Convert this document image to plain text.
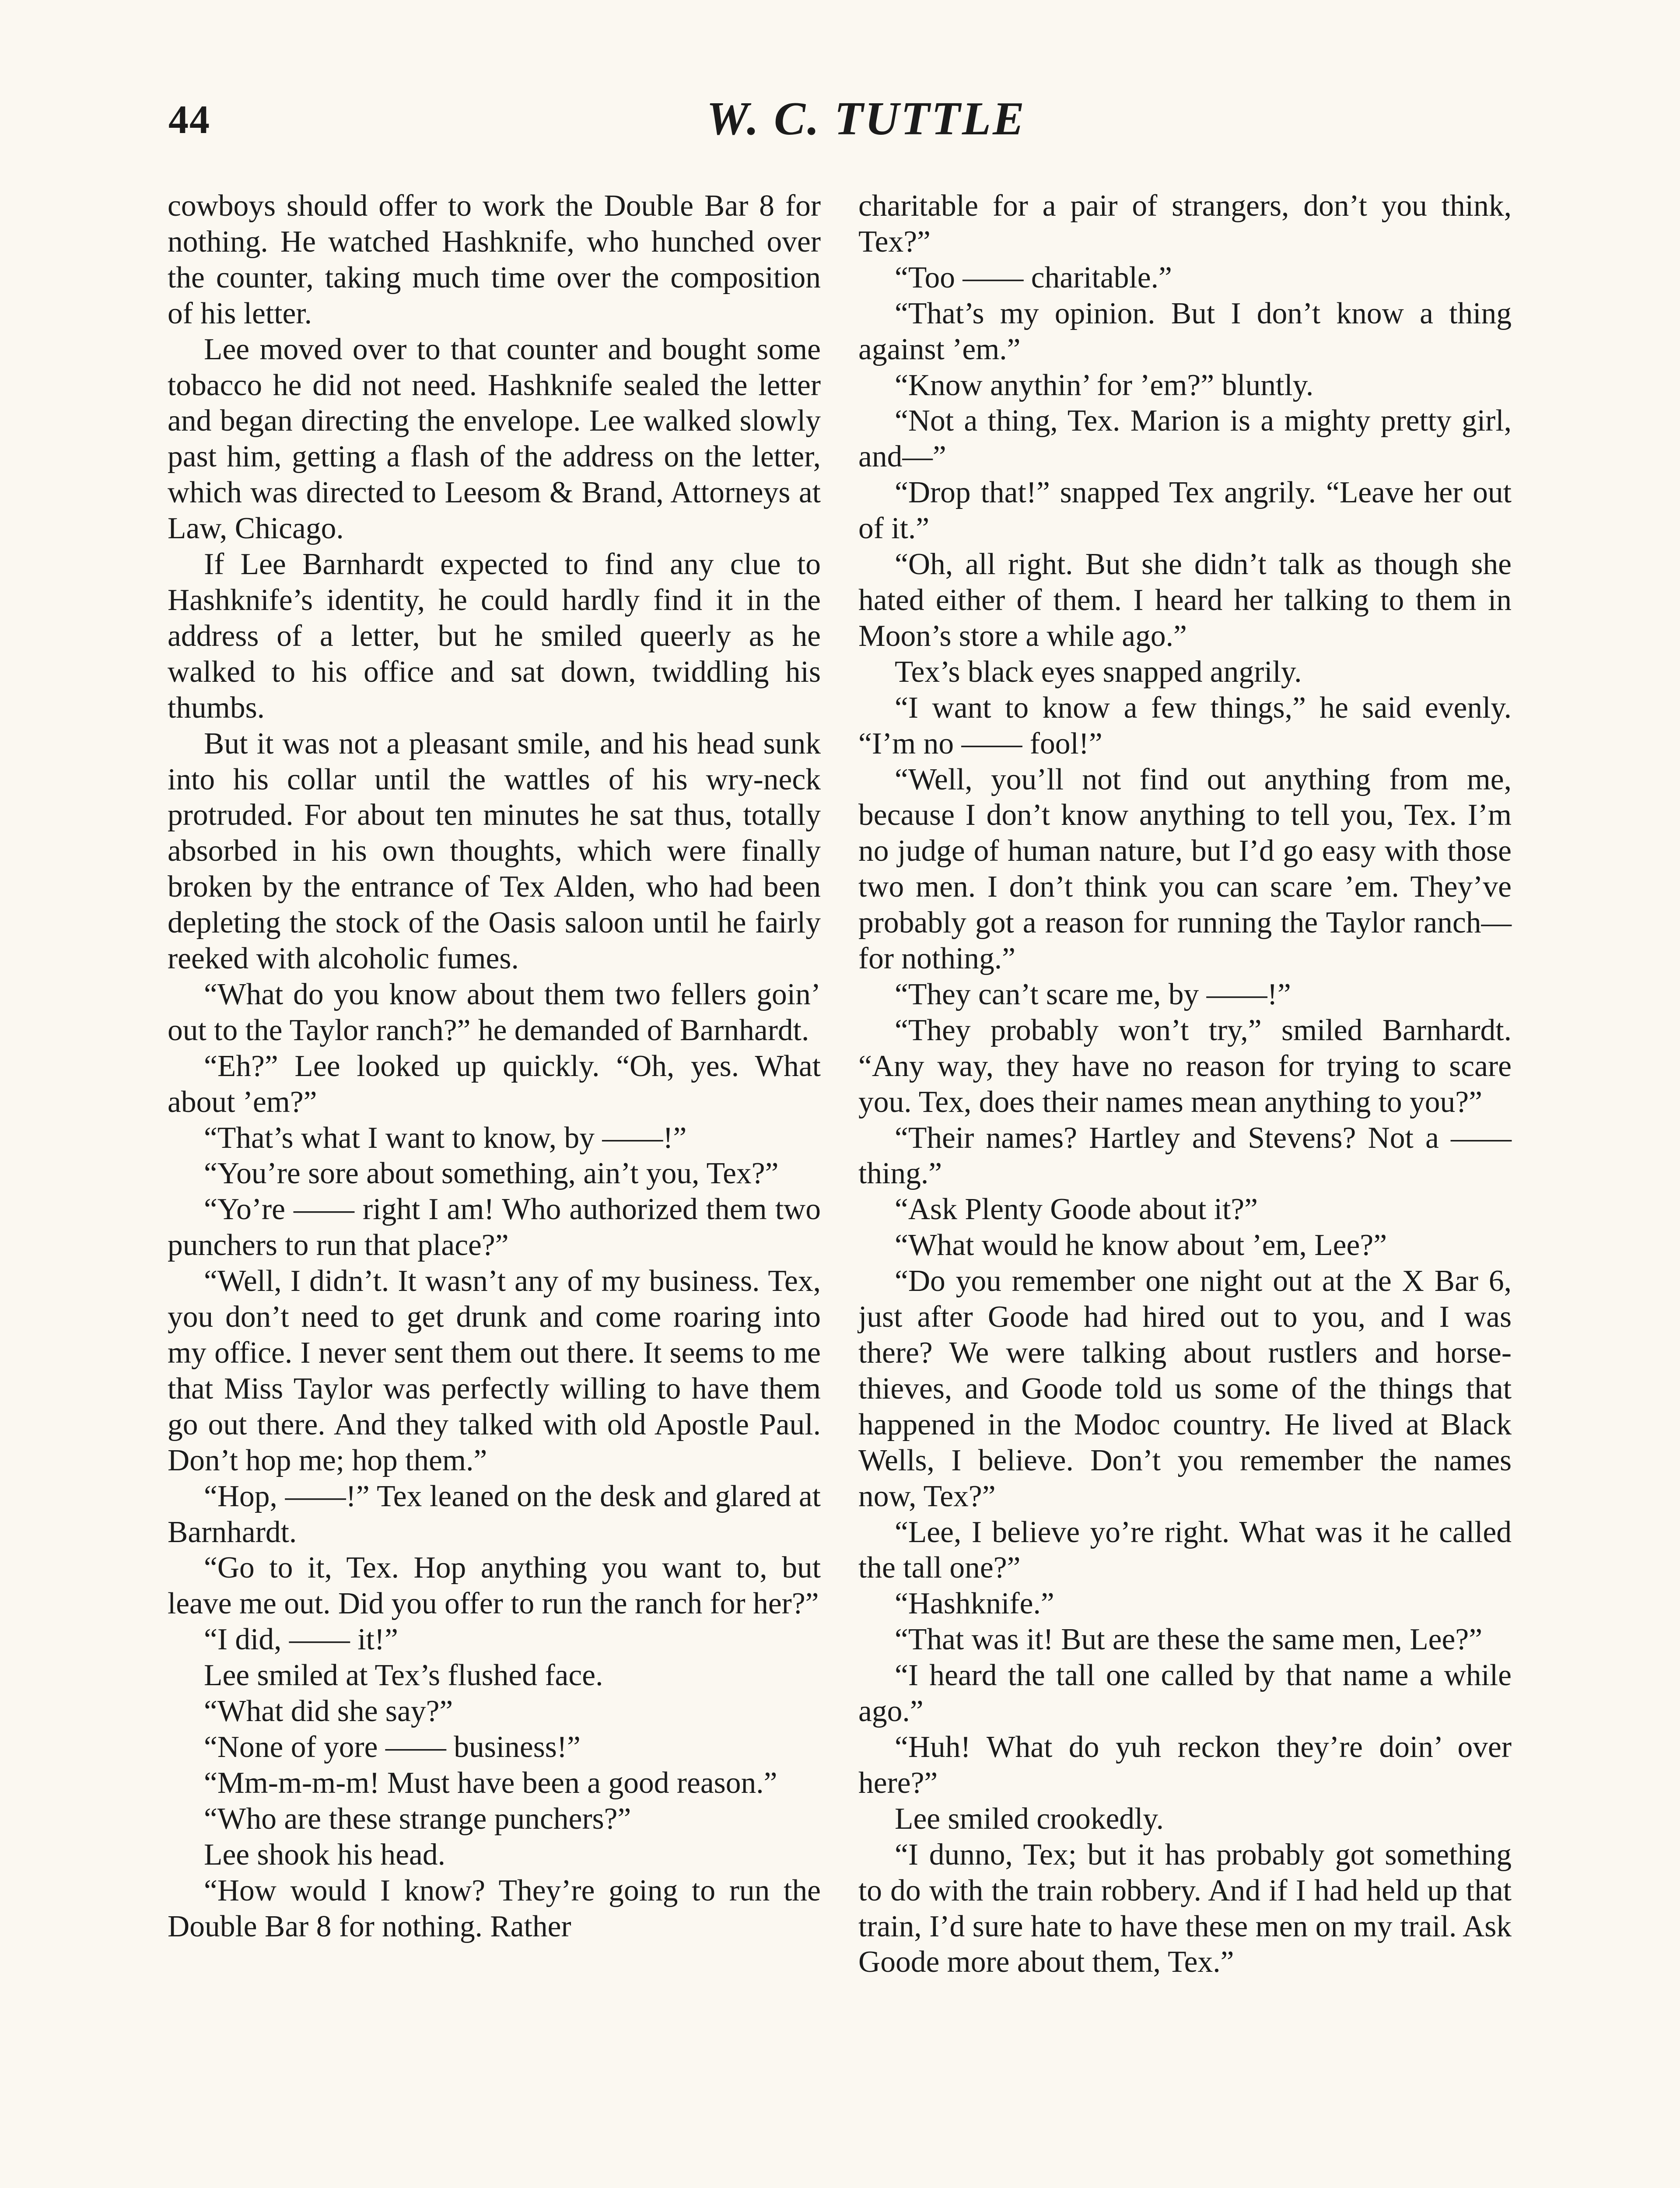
44	W. C. TUTTLE

cowboys should offer to work the Double Bar 8 for nothing. He watched Hashknife, who hunched over the counter, taking much time over the composition of his letter.

Lee moved over to that counter and bought some tobacco he did not need. Hashknife sealed the letter and began directing the envelope. Lee walked slowly past him, getting a flash of the address on the letter, which was directed to Leesom & Brand, Attorneys at Law, Chicago.

If Lee Barnhardt expected to find any clue to Hashknife’s identity, he could hardly find it in the address of a letter, but he smiled queerly as he walked to his office and sat down, twiddling his thumbs.

But it was not a pleasant smile, and his head sunk into his collar until the wattles of his wry-neck protruded. For about ten minutes he sat thus, totally absorbed in his own thoughts, which were finally broken by the entrance of Tex Alden, who had been depleting the stock of the Oasis saloon until he fairly reeked with alcoholic fumes.

“What do you know about them two fellers goin’ out to the Taylor ranch?” he demanded of Barnhardt.

“Eh?” Lee looked up quickly. “Oh, yes. What about ’em?”

“That’s what I want to know, by ——!”

“You’re sore about something, ain’t you, Tex?”

“Yo’re —— right I am! Who authorized them two punchers to run that place?”

“Well, I didn’t. It wasn’t any of my business. Tex, you don’t need to get drunk and come roaring into my office. I never sent them out there. It seems to me that Miss Taylor was perfectly willing to have them go out there. And they talked with old Apostle Paul. Don’t hop me; hop them.”

“Hop, ——!” Tex leaned on the desk and glared at Barnhardt.

“Go to it, Tex. Hop anything you want to, but leave me out. Did you offer to run the ranch for her?”

“I did, —— it!”

Lee smiled at Tex’s flushed face.

“What did she say?”

“None of yore —— business!”

“Mm-m-m-m! Must have been a good reason.”

“Who are these strange punchers?”

Lee shook his head.

“How would I know? They’re going to run the Double Bar 8 for nothing. Rather

charitable for a pair of strangers, don’t you think, Tex?”

“Too —— charitable.”

“That’s my opinion. But I don’t know a thing against ’em.”

“Know anythin’ for ’em?” bluntly.

“Not a thing, Tex. Marion is a mighty pretty girl, and—”

“Drop that!” snapped Tex angrily. “Leave her out of it.”

“Oh, all right. But she didn’t talk as though she hated either of them. I heard her talking to them in Moon’s store a while ago.”

Tex’s black eyes snapped angrily.

“I want to know a few things,” he said evenly. “I’m no —— fool!”

“Well, you’ll not find out anything from me, because I don’t know anything to tell you, Tex. I’m no judge of human nature, but I’d go easy with those two men. I don’t think you can scare ’em. They’ve probably got a reason for running the Taylor ranch—for nothing.”

“They can’t scare me, by ——!”

“They probably won’t try,” smiled Barnhardt. “Any way, they have no reason for trying to scare you. Tex, does their names mean anything to you?”

“Their names? Hartley and Stevens? Not a —— thing.”

“Ask Plenty Goode about it?”

“What would he know about ’em, Lee?”

“Do you remember one night out at the X Bar 6, just after Goode had hired out to you, and I was there? We were talking about rustlers and horse-thieves, and Goode told us some of the things that happened in the Modoc country. He lived at Black Wells, I believe. Don’t you remember the names now, Tex?”

“Lee, I believe yo’re right. What was it he called the tall one?”

“Hashknife.”

“That was it! But are these the same men, Lee?”

“I heard the tall one called by that name a while ago.”

“Huh! What do yuh reckon they’re doin’ over here?”

Lee smiled crookedly.

“I dunno, Tex; but it has probably got something to do with the train robbery. And if I had held up that train, I’d sure hate to have these men on my trail. Ask Goode more about them, Tex.”
